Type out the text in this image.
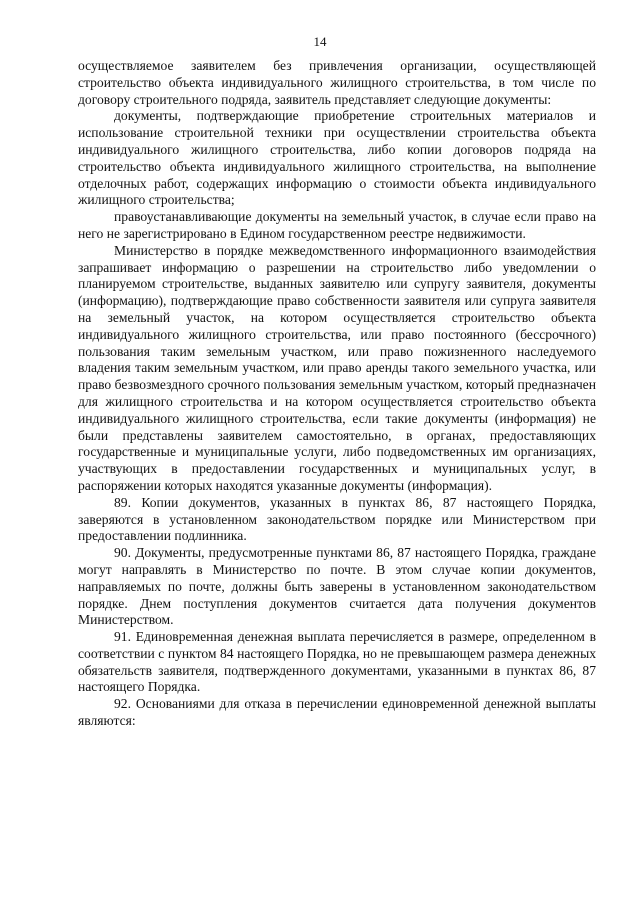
14

осуществляемое заявителем без привлечения организации, осуществляющей строительство объекта индивидуального жилищного строительства, в том числе по договору строительного подряда, заявитель представляет следующие документы:

документы, подтверждающие приобретение строительных материалов и использование строительной техники при осуществлении строительства объекта индивидуального жилищного строительства, либо копии договоров подряда на строительство объекта индивидуального жилищного строительства, на выполнение отделочных работ, содержащих информацию о стоимости объекта индивидуального жилищного строительства;

правоустанавливающие документы на земельный участок, в случае если право на него не зарегистрировано в Едином государственном реестре недвижимости.

Министерство в порядке межведомственного информационного взаимодействия запрашивает информацию о разрешении на строительство либо уведомлении о планируемом строительстве, выданных заявителю или супругу заявителя, документы (информацию), подтверждающие право собственности заявителя или супруга заявителя на земельный участок, на котором осуществляется строительство объекта индивидуального жилищного строительства, или право постоянного (бессрочного) пользования таким земельным участком, или право пожизненного наследуемого владения таким земельным участком, или право аренды такого земельного участка, или право безвозмездного срочного пользования земельным участком, который предназначен для жилищного строительства и на котором осуществляется строительство объекта индивидуального жилищного строительства, если такие документы (информация) не были представлены заявителем самостоятельно, в органах, предоставляющих государственные и муниципальные услуги, либо подведомственных им организациях, участвующих в предоставлении государственных и муниципальных услуг, в распоряжении которых находятся указанные документы (информация).

89. Копии документов, указанных в пунктах 86, 87 настоящего Порядка, заверяются в установленном законодательством порядке или Министерством при предоставлении подлинника.

90. Документы, предусмотренные пунктами 86, 87 настоящего Порядка, граждане могут направлять в Министерство по почте. В этом случае копии документов, направляемых по почте, должны быть заверены в установленном законодательством порядке. Днем поступления документов считается дата получения документов Министерством.

91. Единовременная денежная выплата перечисляется в размере, определенном в соответствии с пунктом 84 настоящего Порядка, но не превышающем размера денежных обязательств заявителя, подтвержденного документами, указанными в пунктах 86, 87 настоящего Порядка.

92. Основаниями для отказа в перечислении единовременной денежной выплаты являются:
